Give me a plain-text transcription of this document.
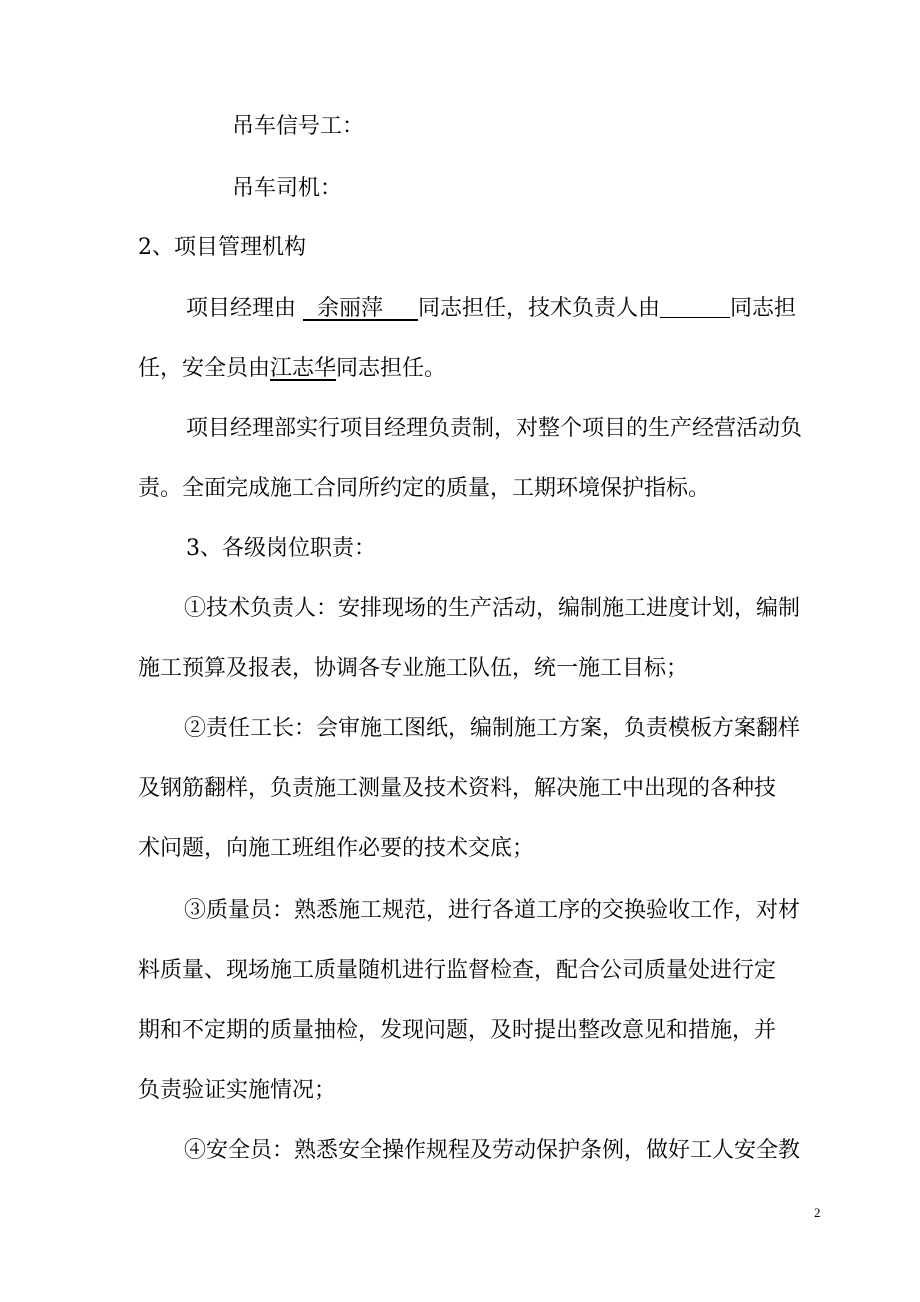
吊车信号工：
吊车司机：
2、项目管理机构
项目经理由   余丽萍 同志担任，技术负责人由	同志担
任，安全员由江志华同志担任。
项目经理部实行项目经理负责制，对整个项目的生产经营活动负
责。全面完成施工合同所约定的质量，工期环境保护指标。
3、各级岗位职责：
①技术负责人：安排现场的生产活动，编制施工进度计划，编制
施工预算及报表，协调各专业施工队伍，统一施工目标；
②责任工长：会审施工图纸，编制施工方案，负责模板方案翻样
及钢筋翻样，负责施工测量及技术资料，解决施工中出现的各种技
术问题，向施工班组作必要的技术交底；
③质量员：熟悉施工规范，进行各道工序的交换验收工作，对材
料质量、现场施工质量随机进行监督检查，配合公司质量处进行定
期和不定期的质量抽检，发现问题，及时提出整改意见和措施，并
负责验证实施情况；
④安全员：熟悉安全操作规程及劳动保护条例，做好工人安全教
2
